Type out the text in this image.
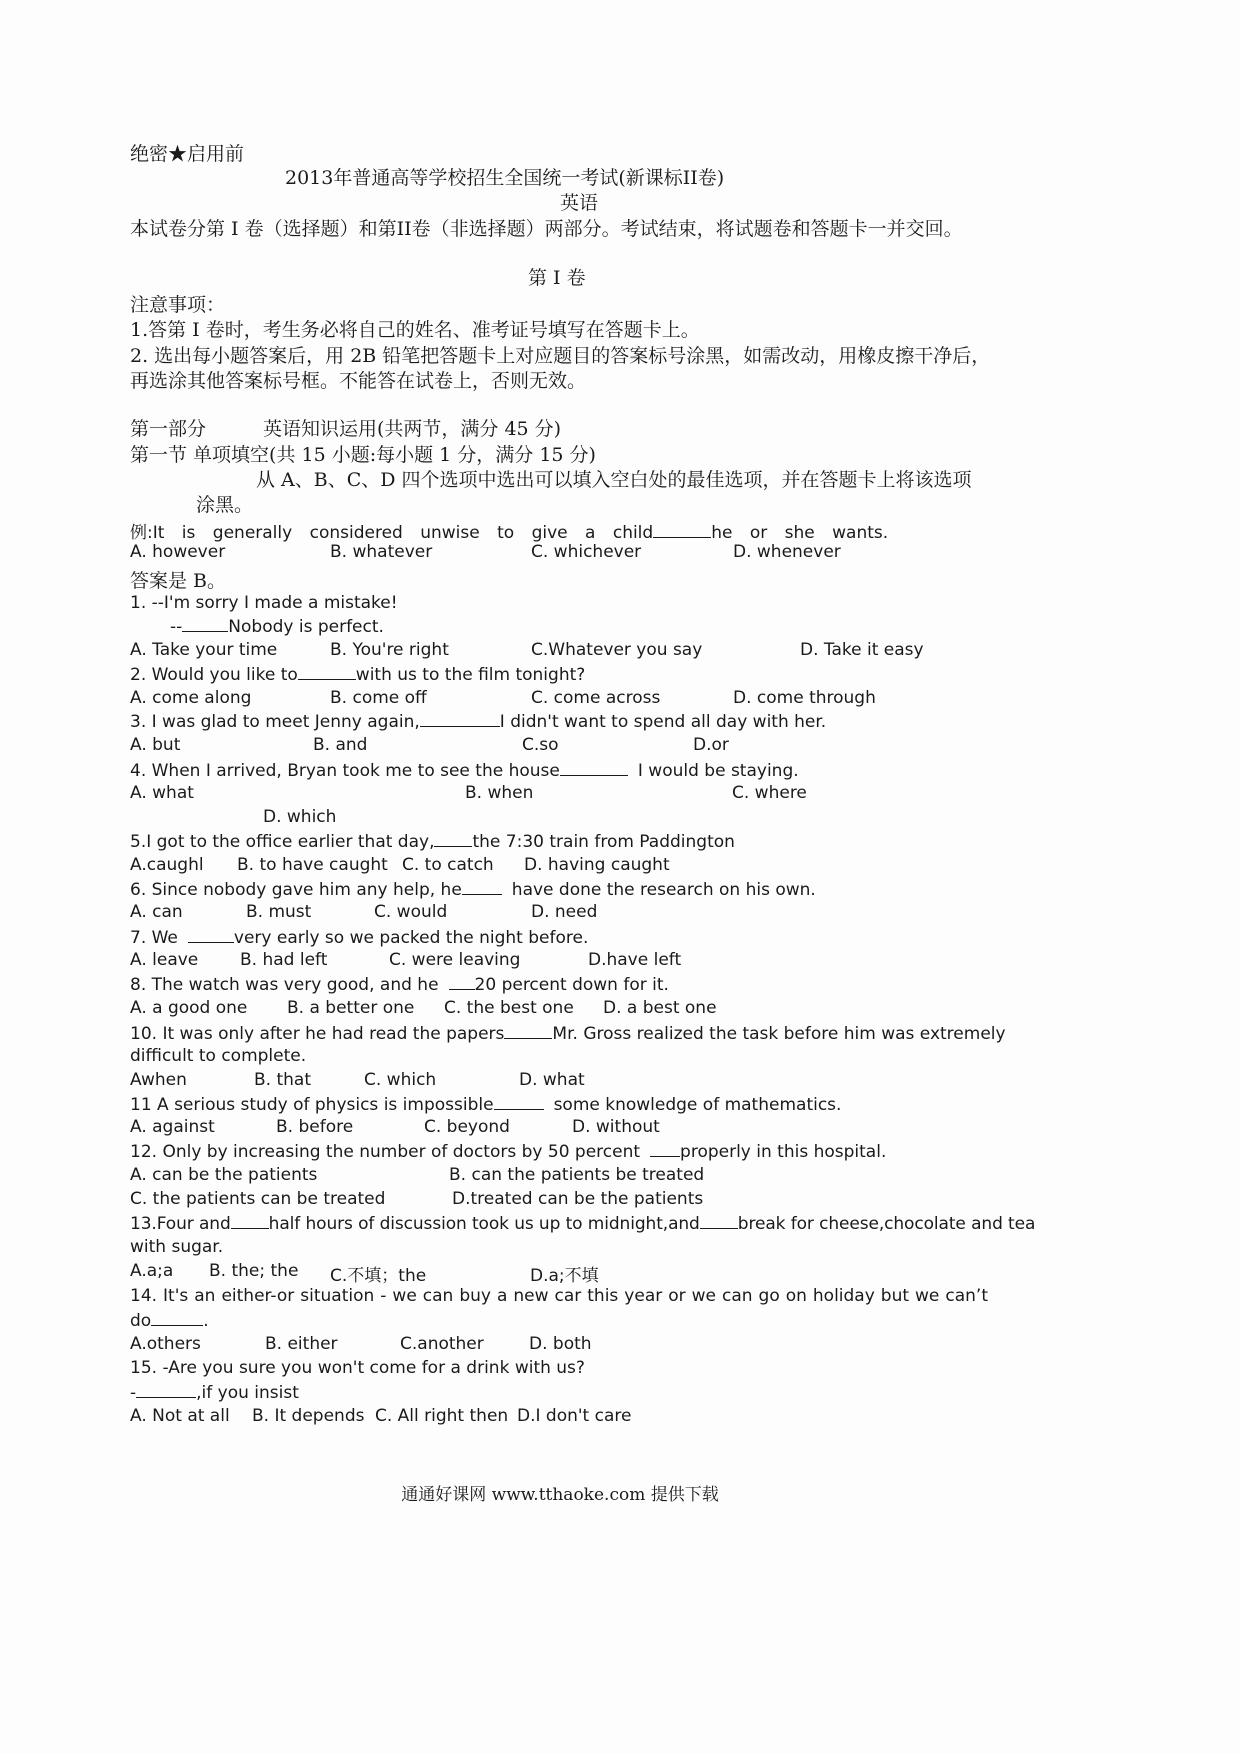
绝密★启用前
2013年普通高等学校招生全国统一考试(新课标II卷)
英语
本试卷分第 I 卷（选择题）和第II卷（非选择题）两部分。考试结束，将试题卷和答题卡一并交回。
第 I 卷
注意事项：
1.答第 I 卷时，考生务必将自己的姓名、准考证号填写在答题卡上。
2. 选出每小题答案后，用 2B 铅笔把答题卡上对应题目的答案标号涂黑，如需改动，用橡皮擦干净后，
再选涂其他答案标号框。不能答在试卷上，否则无效。
第一部分	英语知识运用(共两节，满分 45 分)
第一节 单项填空(共 15 小题:每小题 1 分，满分 15 分)
从 A、B、C、D 四个选项中选出可以填入空白处的最佳选项，并在答题卡上将该选项
涂黑。
例:It is generally considered unwise to give a child	he or she wants.
A. however	B. whatever	C. whichever	D. whenever
答案是 B。
1. --I'm sorry I made a mistake!
--	Nobody is perfect.
A. Take your time	B. You're right	C.Whatever you say	D. Take it easy
2. Would you like to	with us to the film tonight?
A. come along	B. come off	C. come across	D. come through
3. I was glad to meet Jenny again,	I didn't want to spend all day with her.
A. but	B. and	C.so	D.or
4. When I arrived, Bryan took me to see the house	I would be staying.
A. what	B. when	C. where
D. which
5.I got to the office earlier that day, the 7:30 train from Paddington
A.caughl B. to have caught C. to catch D. having caught
6. Since nobody gave him any help, he	have done the research on his own.
A. can	B. must	C. would	D. need
7. We	very early so we packed the night before.
A. leave B. had left	C. were leaving	D.have left
8. The watch was very good, and he 20 percent down for it.
A. a good one B. a better one C. the best one D. a best one
10. It was only after he had read the papers	Mr. Gross realized the task before him was extremely
difficult to complete.
Awhen	B. that	C. which	D. what
11 A serious study of physics is impossible	some knowledge of mathematics.
A. against	B. before	C. beyond	D. without
12. Only by increasing the number of doctors by 50 percent properly in this hospital.
A. can be the patients	B. can the patients be treated
C. the patients can be treated	D.treated can be the patients
13.Four and half hours of discussion took us up to midnight,and break for cheese,chocolate and tea
with sugar.
A.a;a B. the; the C.不填；the	D.a;不填
14. It's an either-or situation - we can buy a new car this year or we can go on holiday but we can’t
do	.
A.others	B. either	C.another	D. both
15. -Are you sure you won't come for a drink with us?
-	,if you insist
A. Not at all B. It depends C. All right then D.I don't care
通通好课网 www.tthaoke.com 提供下载
